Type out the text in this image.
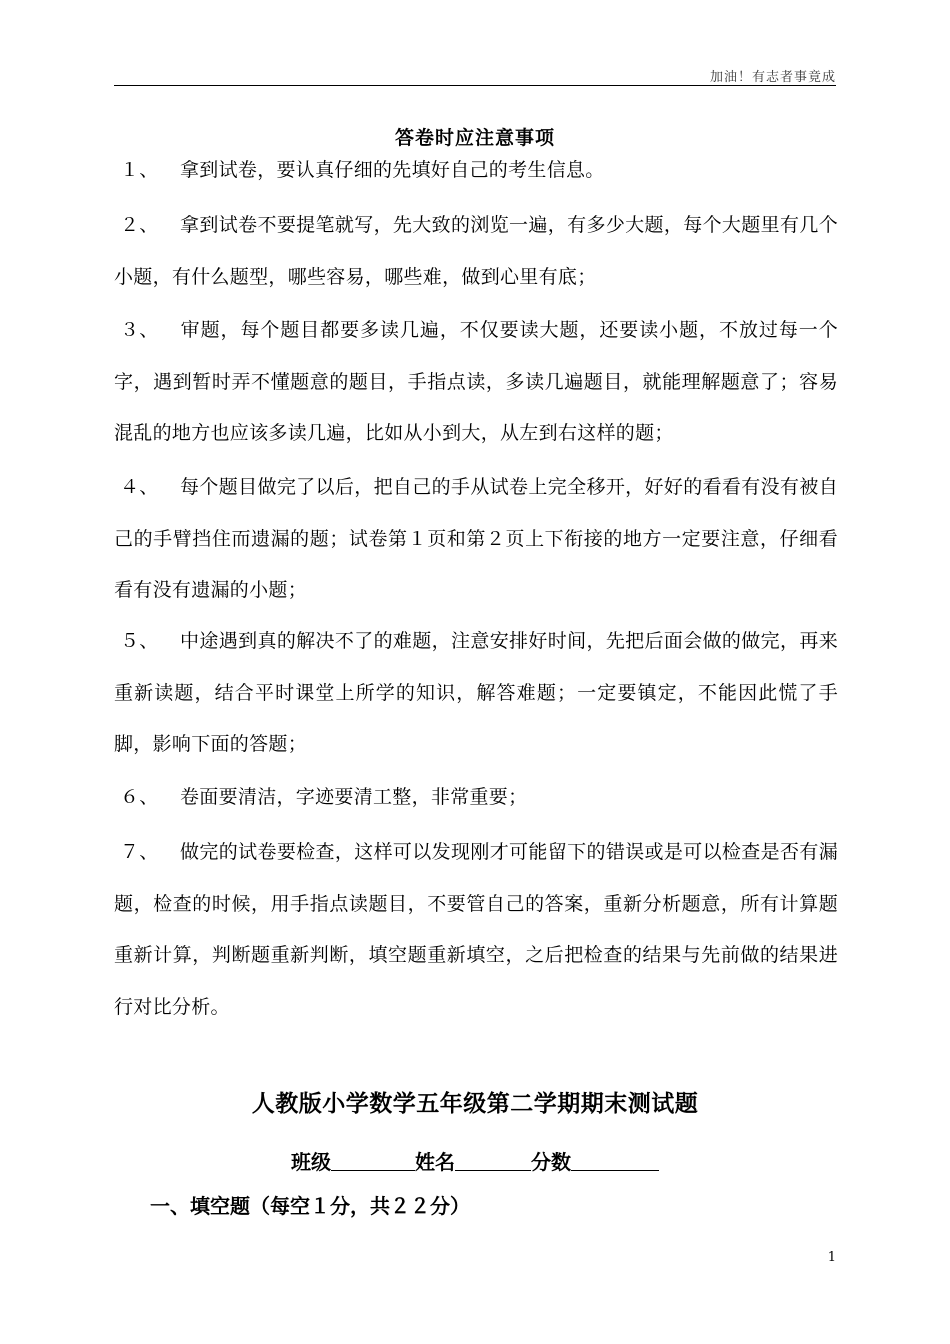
加油！有志者事竟成
答卷时应注意事项
１、 拿到试卷，要认真仔细的先填好自己的考生信息。
２、 拿到试卷不要提笔就写，先大致的浏览一遍，有多少大题，每个大题里有几个小题，有什么题型，哪些容易，哪些难，做到心里有底；
３、 审题，每个题目都要多读几遍，不仅要读大题，还要读小题，不放过每一个字，遇到暂时弄不懂题意的题目，手指点读，多读几遍题目，就能理解题意了；容易混乱的地方也应该多读几遍，比如从小到大，从左到右这样的题；
４、 每个题目做完了以后，把自己的手从试卷上完全移开，好好的看看有没有被自己的手臂挡住而遗漏的题；试卷第１页和第２页上下衔接的地方一定要注意，仔细看看有没有遗漏的小题；
５、 中途遇到真的解决不了的难题，注意安排好时间，先把后面会做的做完，再来重新读题，结合平时课堂上所学的知识，解答难题；一定要镇定，不能因此慌了手脚，影响下面的答题；
６、 卷面要清洁，字迹要清工整，非常重要；
７、 做完的试卷要检查，这样可以发现刚才可能留下的错误或是可以检查是否有漏题，检查的时候，用手指点读题目，不要管自己的答案，重新分析题意，所有计算题重新计算，判断题重新判断，填空题重新填空，之后把检查的结果与先前做的结果进行对比分析。
人教版小学数学五年级第二学期期末测试题
班级	姓名	分数
一、填空题（每空１分，共２２分）
1
